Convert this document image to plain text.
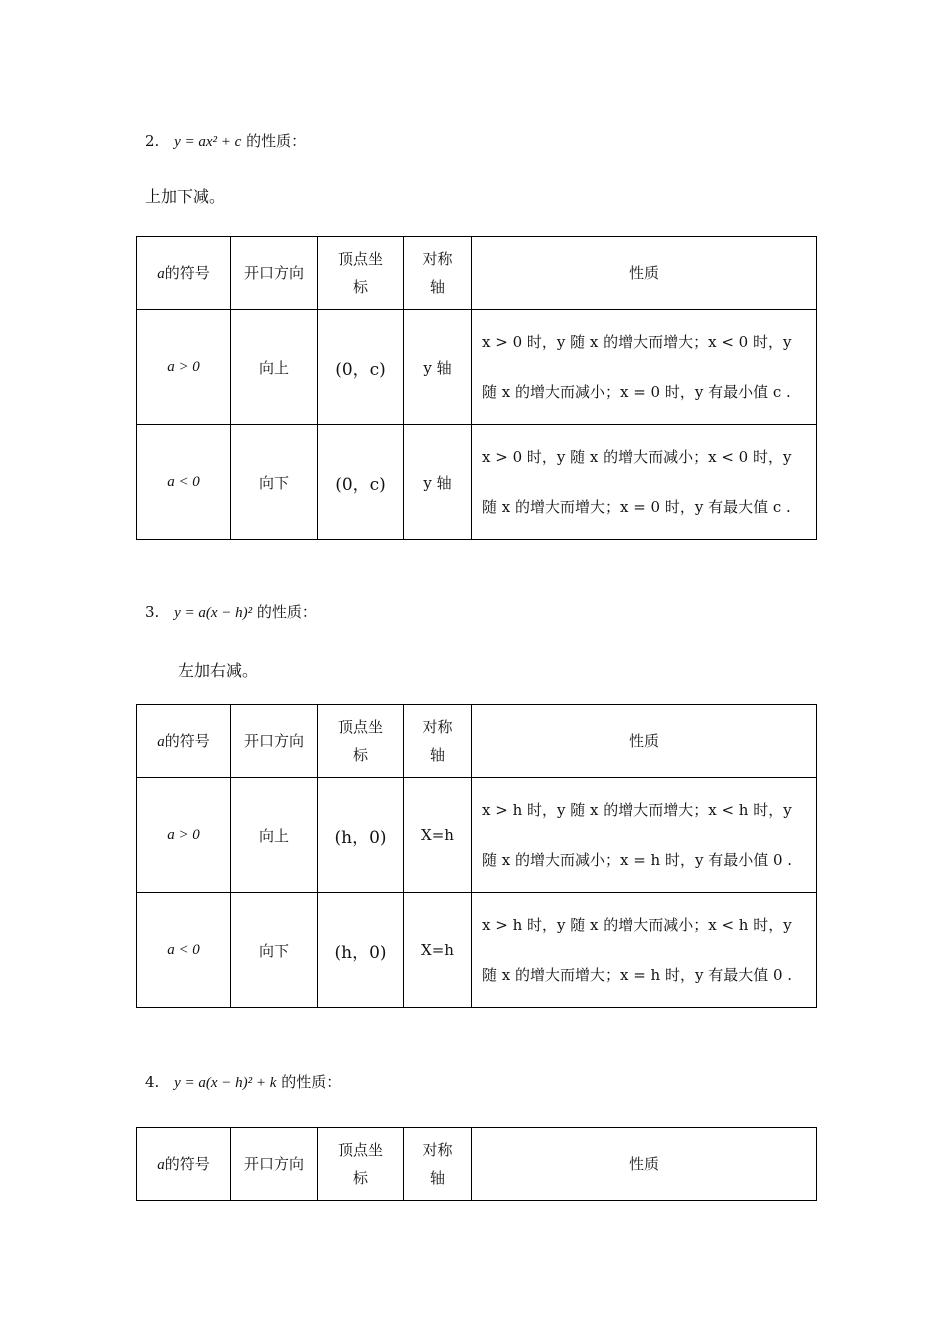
2. y = ax² + c 的性质：
上加下减。
a的符号	开口方向	顶点坐标	对称轴	性质
a > 0	向上	(0，c)	y 轴	x > 0 时，y 随 x 的增大而增大；x < 0 时，y
随 x 的增大而减小；x = 0 时，y 有最小值 c .

a < 0	向下	(0，c)	y 轴	x > 0 时，y 随 x 的增大而减小；x < 0 时，y
随 x 的增大而增大；x = 0 时，y 有最大值 c .
3. y = a(x − h)² 的性质：
左加右减。
a的符号	开口方向	顶点坐标	对称轴	性质
a > 0	向上	(h，0)	X=h	x > h 时，y 随 x 的增大而增大；x < h 时，y
随 x 的增大而减小；x = h 时，y 有最小值 0 .

a < 0	向下	(h，0)	X=h	x > h 时，y 随 x 的增大而减小；x < h 时，y
随 x 的增大而增大；x = h 时，y 有最大值 0 .
4. y = a(x − h)² + k 的性质：
a的符号	开口方向	顶点坐标	对称轴	性质
